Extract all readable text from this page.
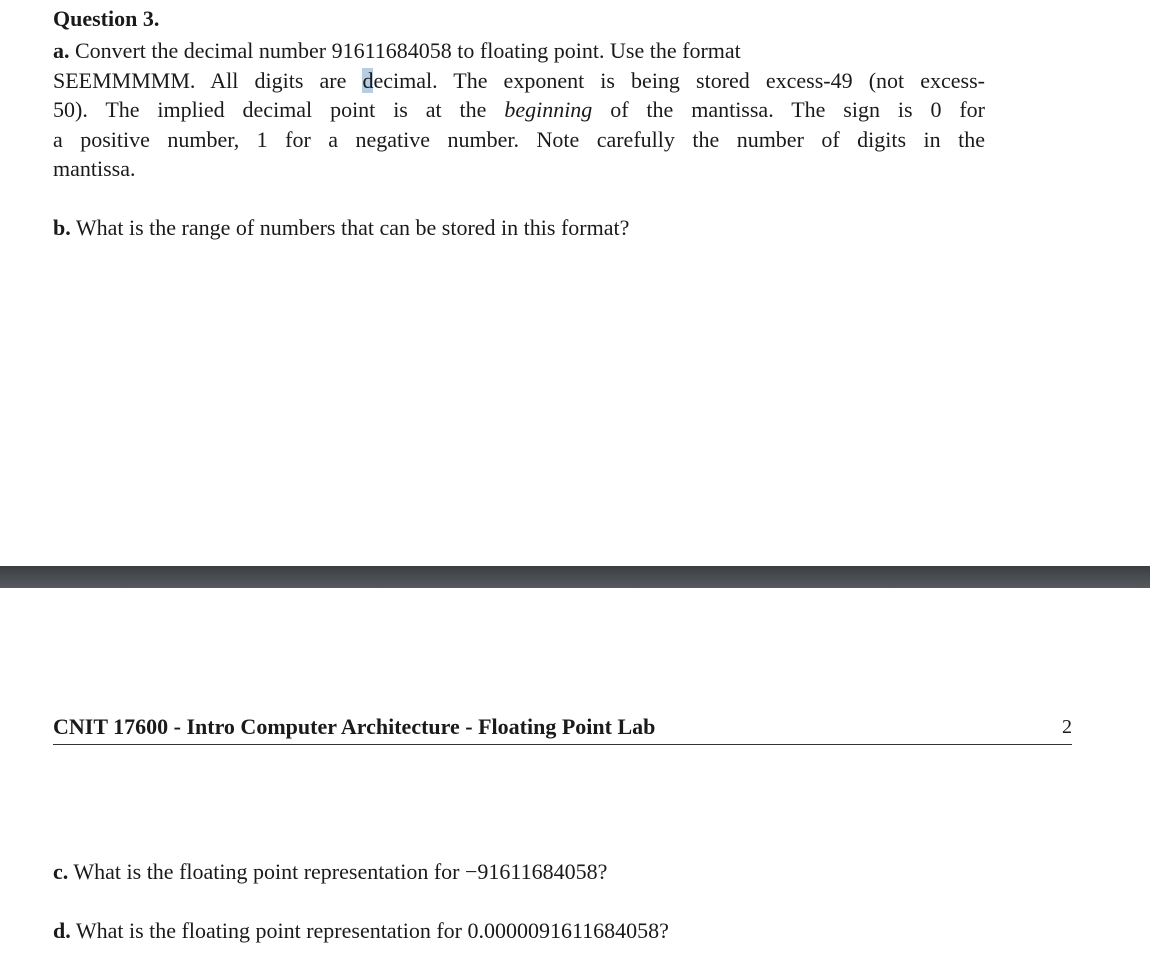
Question 3.

a. Convert the decimal number 91611684058 to floating point. Use the format
SEEMMMMM. All digits are decimal. The exponent is being stored excess-49 (not excess-
50). The implied decimal point is at the beginning of the mantissa. The sign is 0 for
a positive number, 1 for a negative number. Note carefully the number of digits in the
mantissa.
b. What is the range of numbers that can be stored in this format?
CNIT 17600 - Intro Computer Architecture - Floating Point Lab	2
c. What is the floating point representation for −91611684058?
d. What is the floating point representation for 0.0000091611684058?
